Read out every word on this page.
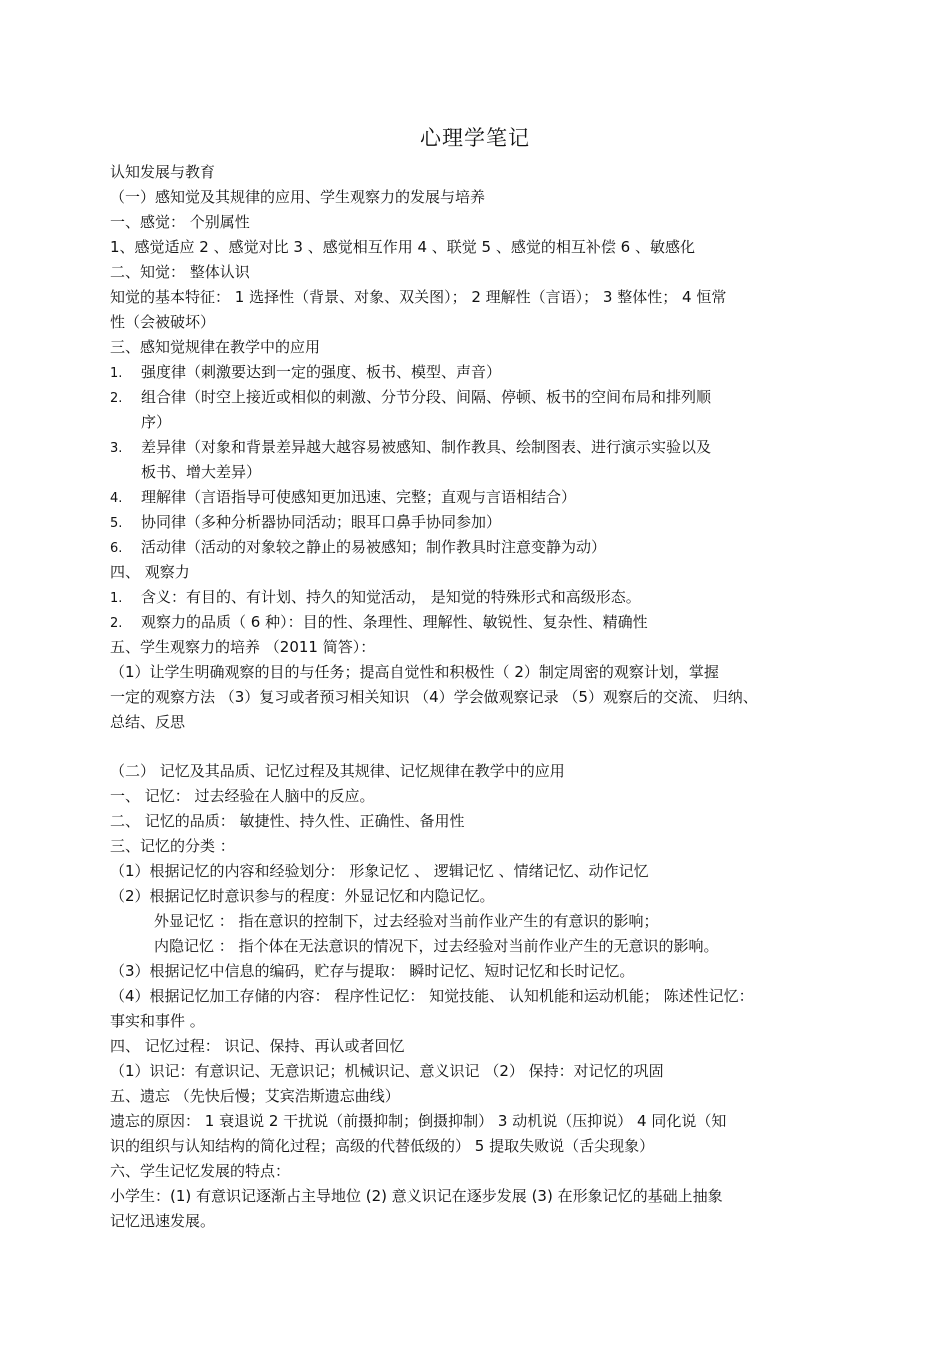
心理学笔记
认知发展与教育
（一）感知觉及其规律的应用、学生观察力的发展与培养
一、感觉： 个别属性
1、感觉适应 2 、感觉对比 3 、感觉相互作用 4 、联觉 5 、感觉的相互补偿 6 、敏感化
二、知觉： 整体认识
知觉的基本特征： 1 选择性（背景、对象、双关图）； 2 理解性（言语）； 3 整体性； 4 恒常
性（会被破坏）
三、感知觉规律在教学中的应用
1. 强度律（刺激要达到一定的强度、板书、模型、声音）
2. 组合律（时空上接近或相似的刺激、分节分段、间隔、停顿、板书的空间布局和排列顺
序）
3. 差异律（对象和背景差异越大越容易被感知、制作教具、绘制图表、进行演示实验以及
板书、增大差异）
4. 理解律（言语指导可使感知更加迅速、完整；直观与言语相结合）
5. 协同律（多种分析器协同活动；眼耳口鼻手协同参加）
6. 活动律（活动的对象较之静止的易被感知；制作教具时注意变静为动）
四、 观察力
1. 含义：有目的、有计划、持久的知觉活动， 是知觉的特殊形式和高级形态。
2. 观察力的品质（ 6 种）：目的性、条理性、理解性、敏锐性、复杂性、精确性
五、学生观察力的培养 （2011 简答）：
（1）让学生明确观察的目的与任务；提高自觉性和积极性（ 2）制定周密的观察计划，掌握
一定的观察方法 （3）复习或者预习相关知识 （4）学会做观察记录 （5）观察后的交流、 归纳、
总结、反思
（二） 记忆及其品质、记忆过程及其规律、记忆规律在教学中的应用
一、 记忆： 过去经验在人脑中的反应。
二、 记忆的品质： 敏捷性、持久性、正确性、备用性
三、记忆的分类 ：
（1）根据记忆的内容和经验划分： 形象记忆 、 逻辑记忆 、情绪记忆、动作记忆
（2）根据记忆时意识参与的程度：外显记忆和内隐记忆。
外显记忆 ： 指在意识的控制下，过去经验对当前作业产生的有意识的影响；
内隐记忆 ： 指个体在无法意识的情况下，过去经验对当前作业产生的无意识的影响。
（3）根据记忆中信息的编码，贮存与提取： 瞬时记忆、短时记忆和长时记忆。
（4）根据记忆加工存储的内容： 程序性记忆： 知觉技能、 认知机能和运动机能； 陈述性记忆：
事实和事件 。
四、 记忆过程： 识记、保持、再认或者回忆
（1）识记：有意识记、无意识记；机械识记、意义识记 （2） 保持：对记忆的巩固
五、遗忘 （先快后慢；艾宾浩斯遗忘曲线）
遗忘的原因： 1 衰退说 2 干扰说（前摄抑制；倒摄抑制） 3 动机说（压抑说） 4 同化说（知
识的组织与认知结构的简化过程；高级的代替低级的） 5 提取失败说（舌尖现象）
六、学生记忆发展的特点：
小学生：(1) 有意识记逐渐占主导地位 (2) 意义识记在逐步发展 (3) 在形象记忆的基础上抽象
记忆迅速发展。
